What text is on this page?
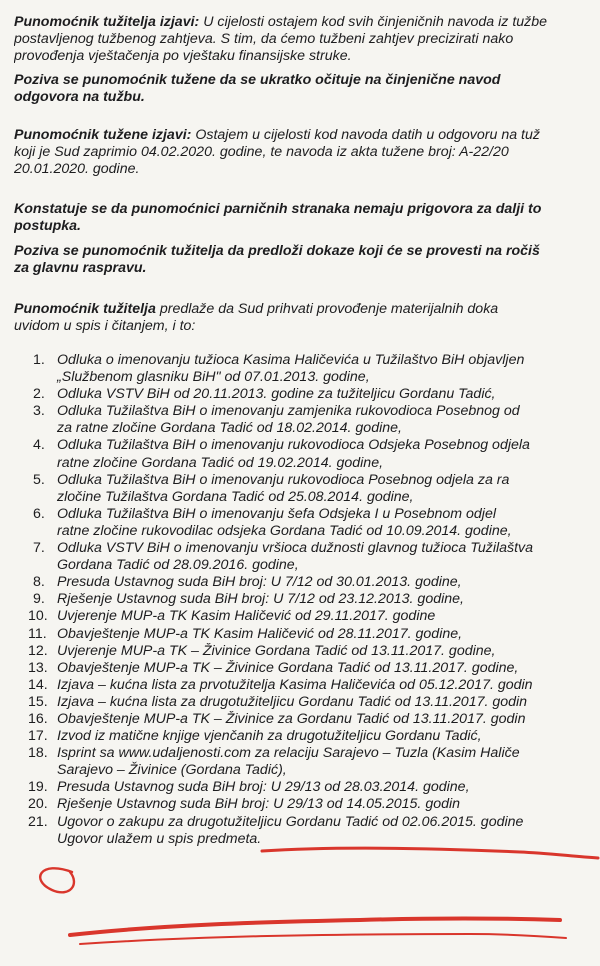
Punomoćnik tužitelja izjavi: U cijelosti ostajem kod svih činjeničnih navoda iz tužbe
postavljenog tužbenog zahtjeva. S tim, da ćemo tužbeni zahtjev precizirati nako
provođenja vještačenja po vještaku finansijske struke.
Poziva se punomoćnik tužene da se ukratko očituje na činjenične navod
odgovora na tužbu.
Punomoćnik tužene izjavi: Ostajem u cijelosti kod navoda datih u odgovoru na tuž
koji je Sud zaprimio 04.02.2020. godine, te navoda iz akta tužene broj: A-22/20
20.01.2020. godine.
Konstatuje se da punomoćnici parničnih stranaka nemaju prigovora za dalji to
postupka.
Poziva se punomoćnik tužitelja da predloži dokaze koji će se provesti na ročiš
za glavnu raspravu.
Punomoćnik tužitelja predlaže da Sud prihvati provođenje materijalnih doka
uvidom u spis i čitanjem, i to:
1. Odluka o imenovanju tužioca Kasima Haličevića u Tužilaštvo BiH objavljen
„Službenom glasniku BiH" od 07.01.2013. godine,
2. Odluka VSTV BiH od 20.11.2013. godine za tužiteljicu Gordanu Tadić,
3. Odluka Tužilaštva BiH o imenovanju zamjenika rukovodioca Posebnog od
za ratne zločine Gordana Tadić od 18.02.2014. godine,
4. Odluka Tužilaštva BiH o imenovanju rukovodioca Odsjeka Posebnog odjela
ratne zločine Gordana Tadić od 19.02.2014. godine,
5. Odluka Tužilaštva BiH o imenovanju rukovodioca Posebnog odjela za ra
zločine Tužilaštva Gordana Tadić od 25.08.2014. godine,
6. Odluka Tužilaštva BiH o imenovanju šefa Odsjeka I u Posebnom odjel
ratne zločine rukovodilac odsjeka Gordana Tadić od 10.09.2014. godine,
7. Odluka VSTV BiH o imenovanju vršioca dužnosti glavnog tužioca Tužilaštva
Gordana Tadić od 28.09.2016. godine,
8. Presuda Ustavnog suda BiH broj: U 7/12 od 30.01.2013. godine,
9. Rješenje Ustavnog suda BiH broj: U 7/12 od 23.12.2013. godine,
10. Uvjerenje MUP-a TK Kasim Haličević od 29.11.2017. godine
11. Obavještenje MUP-a TK Kasim Haličević od 28.11.2017. godine,
12. Uvjerenje MUP-a TK – Živinice Gordana Tadić od 13.11.2017. godine,
13. Obavještenje MUP-a TK – Živinice Gordana Tadić od 13.11.2017. godine,
14. Izjava – kućna lista za prvotužitelja Kasima Haličevića od 05.12.2017. godin
15. Izjava – kućna lista za drugotužiteljicu Gordanu Tadić od 13.11.2017. godin
16. Obavještenje MUP-a TK – Živinice za Gordanu Tadić od 13.11.2017. godin
17. Izvod iz matične knjige vjenčanih za drugotužiteljicu Gordanu Tadić,
18. Isprint sa www.udaljenosti.com za relaciju Sarajevo – Tuzla (Kasim Haliče
Sarajevo – Živinice (Gordana Tadić),
19. Presuda Ustavnog suda BiH broj: U 29/13 od 28.03.2014. godine,
20. Rješenje Ustavnog suda BiH broj: U 29/13 od 14.05.2015. godin
21. Ugovor o zakupu za drugotužiteljicu Gordanu Tadić od 02.06.2015. godine
Ugovor ulažem u spis predmeta.
